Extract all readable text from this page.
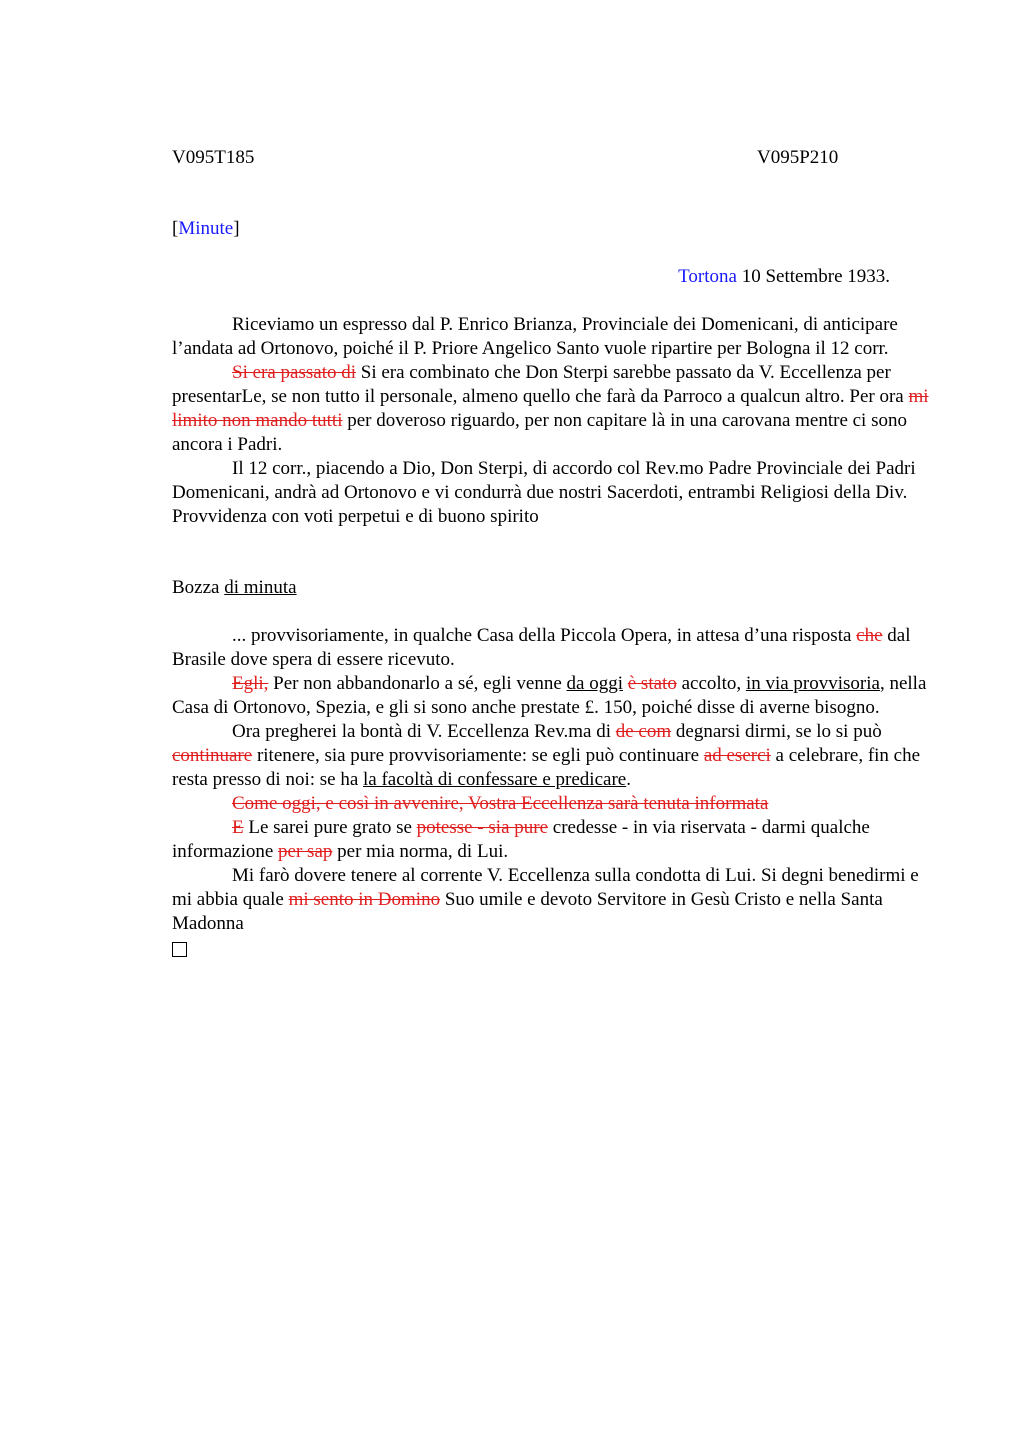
V095T185	V095P210
[Minute]
Tortona 10 Settembre 1933.

Riceviamo un espresso dal P. Enrico Brianza, Provinciale dei Domenicani, di anticipare l’andata ad Ortonovo, poiché il P. Priore Angelico Santo vuole ripartire per Bologna il 12 corr.

Si era passato di Si era combinato che Don Sterpi sarebbe passato da V. Eccellenza per presentarLe, se non tutto il personale, almeno quello che farà da Parroco a qualcun altro. Per ora mi limito non mando tutti per doveroso riguardo, per non capitare là in una carovana mentre ci sono ancora i Padri.

Il 12 corr., piacendo a Dio, Don Sterpi, di accordo col Rev.mo Padre Provinciale dei Padri Domenicani, andrà ad Ortonovo e vi condurrà due nostri Sacerdoti, entrambi Religiosi della Div. Provvidenza con voti perpetui e di buono spirito

Bozza di minuta

... provvisoriamente, in qualche Casa della Piccola Opera, in attesa d’una risposta che dal Brasile dove spera di essere ricevuto.

Egli, Per non abbandonarlo a sé, egli venne da oggi è stato accolto, in via provvisoria, nella Casa di Ortonovo, Spezia, e gli si sono anche prestate £. 150, poiché disse di averne bisogno.

Ora pregherei la bontà di V. Eccellenza Rev.ma di de com degnarsi dirmi, se lo si può continuare ritenere, sia pure provvisoriamente: se egli può continuare ad eserci a celebrare, fin che resta presso di noi: se ha la facoltà di confessare e predicare.

Come oggi, e così in avvenire, Vostra Eccellenza sarà tenuta informata

E Le sarei pure grato se potesse - sia pure credesse - in via riservata - darmi qualche informazione per sap per mia norma, di Lui.

Mi farò dovere tenere al corrente V. Eccellenza sulla condotta di Lui. Si degni benedirmi e mi abbia quale mi sento in Domino Suo umile e devoto Servitore in Gesù Cristo e nella Santa Madonna
